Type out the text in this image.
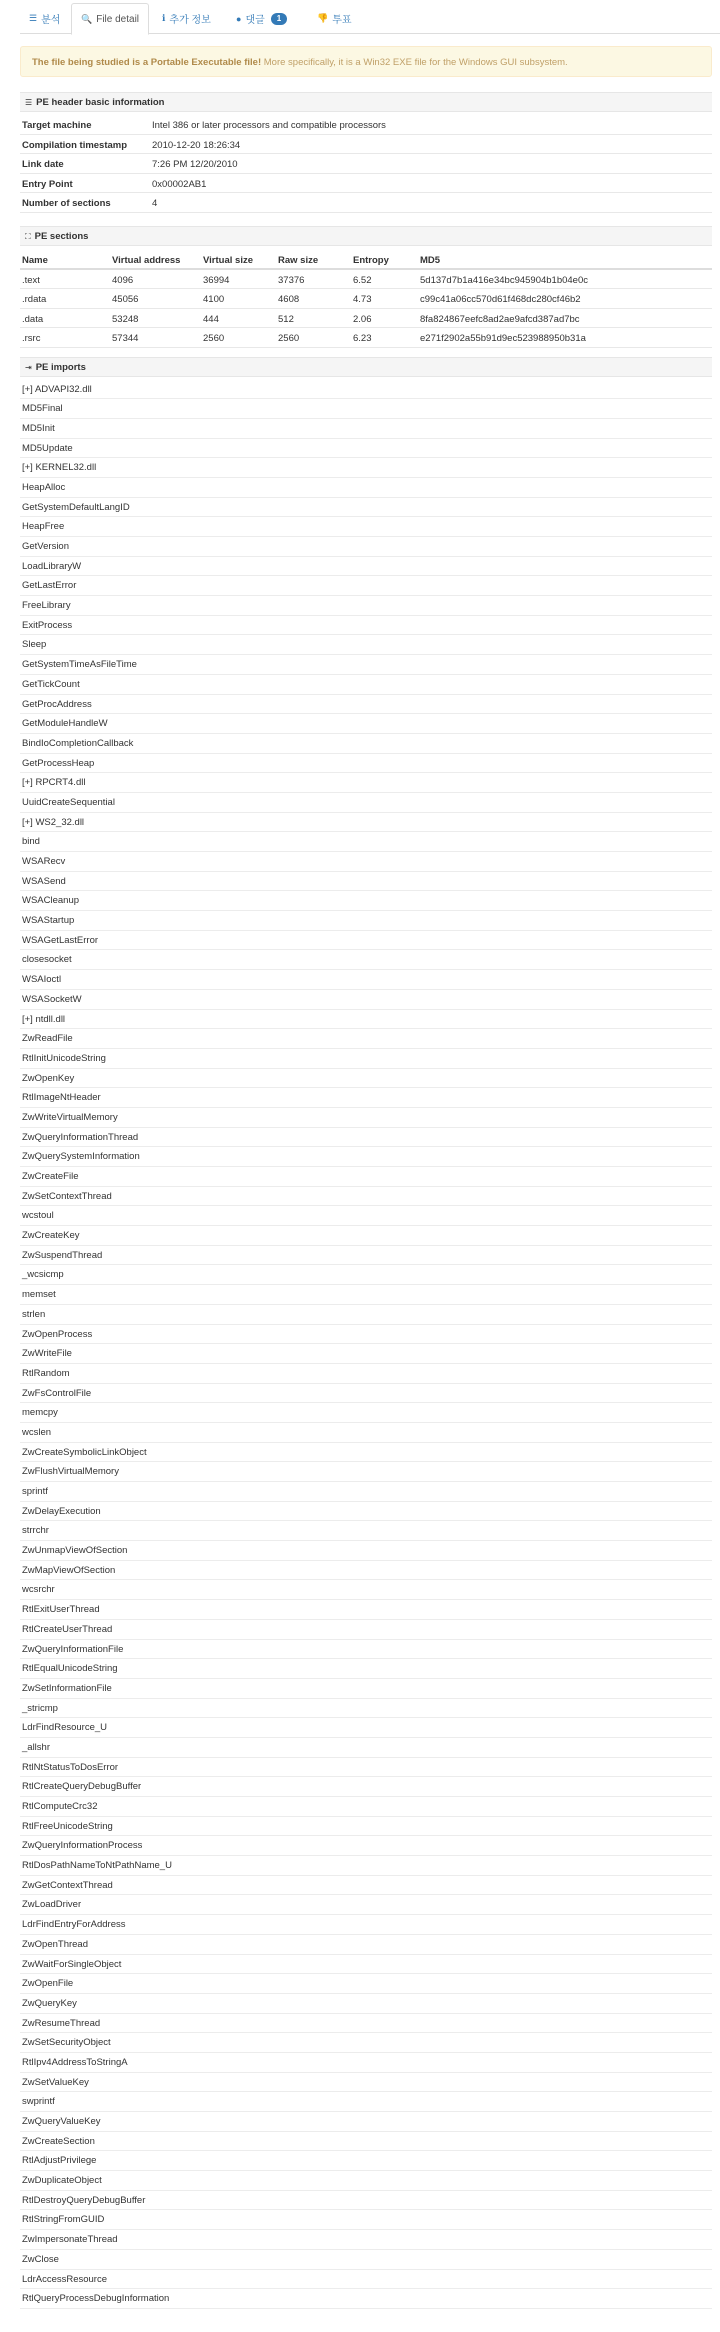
☰ 분석 🔍 File detail	ℹ 추가 정보	● 댓글	1	👎 투표
The file being studied is a Portable Executable file! More specifically, it is a Win32 EXE file for the Windows GUI subsystem.
☰ PE header basic information
Target machine	Intel 386 or later processors and compatible processors
Compilation timestamp	2010-12-20 18:26:34
Link date	7:26 PM 12/20/2010
Entry Point	0x00002AB1
Number of sections	4
⛶ PE sections
Name	Virtual address Virtual size	Raw size	Entropy	MD5
.text	4096	36994	37376	6.52	5d137d7b1a416e34bc945904b1b04e0c
.rdata	45056	4100	4608	4.73	c99c41a06cc570d61f468dc280cf46b2
.data	53248	444	512	2.06	8fa824867eefc8ad2ae9afcd387ad7bc
.rsrc	57344	2560	2560	6.23	e271f2902a55b91d9ec523988950b31a
⇥ PE imports
[+] ADVAPI32.dll
MD5Final
MD5Init
MD5Update
[+] KERNEL32.dll
HeapAlloc
GetSystemDefaultLangID
HeapFree
GetVersion
LoadLibraryW
GetLastError
FreeLibrary
ExitProcess
Sleep
GetSystemTimeAsFileTime
GetTickCount
GetProcAddress
GetModuleHandleW
BindIoCompletionCallback
GetProcessHeap
[+] RPCRT4.dll
UuidCreateSequential
[+] WS2_32.dll
bind
WSARecv
WSASend
WSACleanup
WSAStartup
WSAGetLastError
closesocket
WSAIoctl
WSASocketW
[+] ntdll.dll
ZwReadFile
RtlInitUnicodeString
ZwOpenKey
RtlImageNtHeader
ZwWriteVirtualMemory
ZwQueryInformationThread
ZwQuerySystemInformation
ZwCreateFile
ZwSetContextThread
wcstoul
ZwCreateKey
ZwSuspendThread
_wcsicmp
memset
strlen
ZwOpenProcess
ZwWriteFile
RtlRandom
ZwFsControlFile
memcpy
wcslen
ZwCreateSymbolicLinkObject
ZwFlushVirtualMemory
sprintf
ZwDelayExecution
strrchr
ZwUnmapViewOfSection
ZwMapViewOfSection
wcsrchr
RtlExitUserThread
RtlCreateUserThread
ZwQueryInformationFile
RtlEqualUnicodeString
ZwSetInformationFile
_stricmp
LdrFindResource_U
_allshr
RtlNtStatusToDosError
RtlCreateQueryDebugBuffer
RtlComputeCrc32
RtlFreeUnicodeString
ZwQueryInformationProcess
RtlDosPathNameToNtPathName_U
ZwGetContextThread
ZwLoadDriver
LdrFindEntryForAddress
ZwOpenThread
ZwWaitForSingleObject
ZwOpenFile
ZwQueryKey
ZwResumeThread
ZwSetSecurityObject
RtlIpv4AddressToStringA
ZwSetValueKey
swprintf
ZwQueryValueKey
ZwCreateSection
RtlAdjustPrivilege
ZwDuplicateObject
RtlDestroyQueryDebugBuffer
RtlStringFromGUID
ZwImpersonateThread
ZwClose
LdrAccessResource
RtlQueryProcessDebugInformation
